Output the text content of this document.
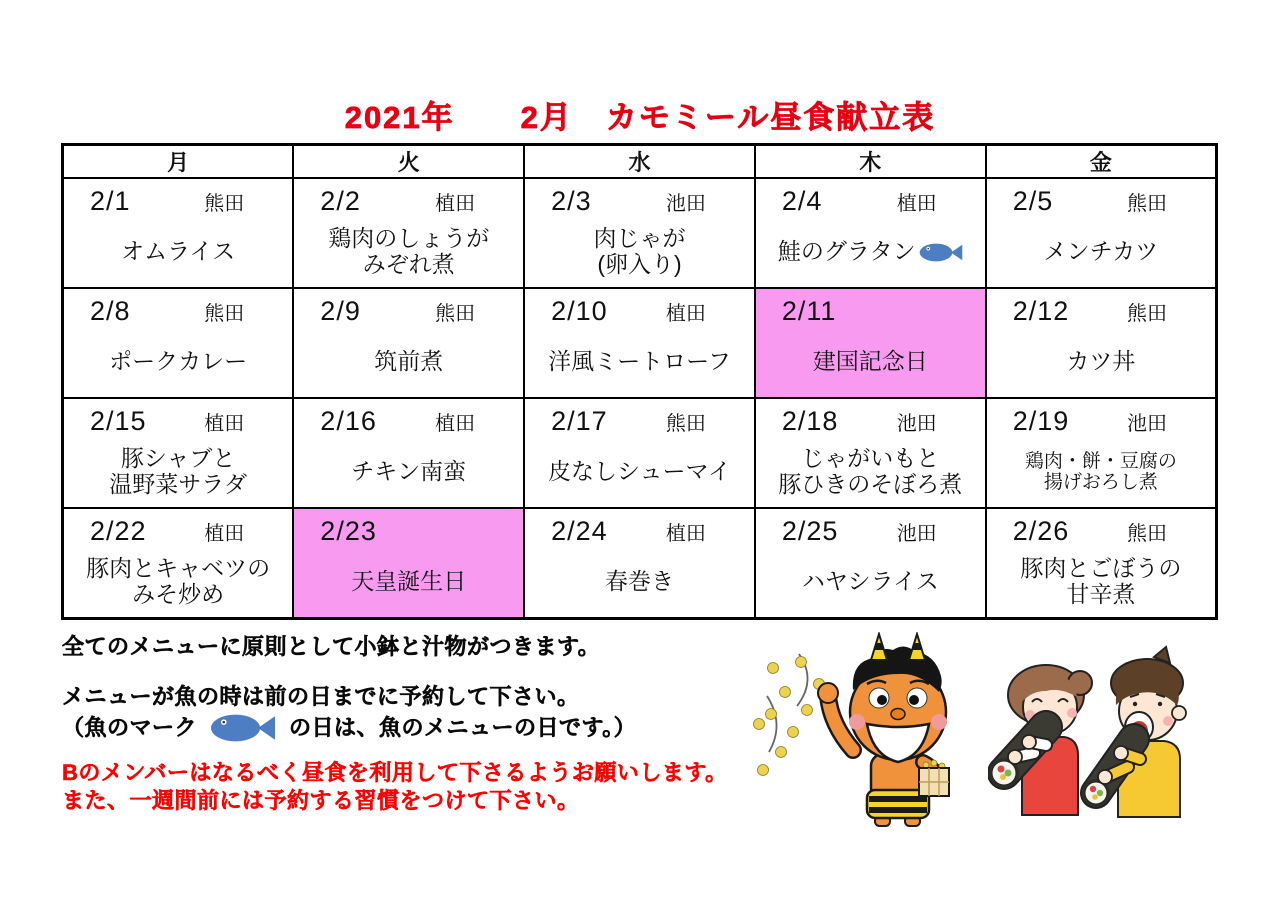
2021年　　2月　カモミール昼食献立表
月	火	水	木	金

2/1	熊田
オムライス

2/2	植田
鶏肉のしょうが
みぞれ煮

2/3	池田
肉じゃが
(卵入り)

2/4	植田
鮭のグラタン

2/5	熊田
メンチカツ

2/8	熊田
ポークカレー

2/9	熊田
筑前煮

2/10	植田
洋風ミートローフ

2/11
建国記念日

2/12	熊田
カツ丼

2/15	植田
豚シャブと
温野菜サラダ

2/16	植田
チキン南蛮

2/17	熊田
皮なしシューマイ

2/18	池田
じゃがいもと
豚ひきのそぼろ煮

2/19	池田
鶏肉・餅・豆腐の
揚げおろし煮

2/22	植田
豚肉とキャベツの
みそ炒め

2/23
天皇誕生日

2/24	植田
春巻き

2/25	池田
ハヤシライス

2/26	熊田
豚肉とごぼうの
甘辛煮
全てのメニューに原則として小鉢と汁物がつきます。
メニューが魚の時は前の日までに予約して下さい。
（魚のマーク	の日は、魚のメニューの日です。）
Bのメンバーはなるべく昼食を利用して下さるようお願いします。
また、一週間前には予約する習慣をつけて下さい。
